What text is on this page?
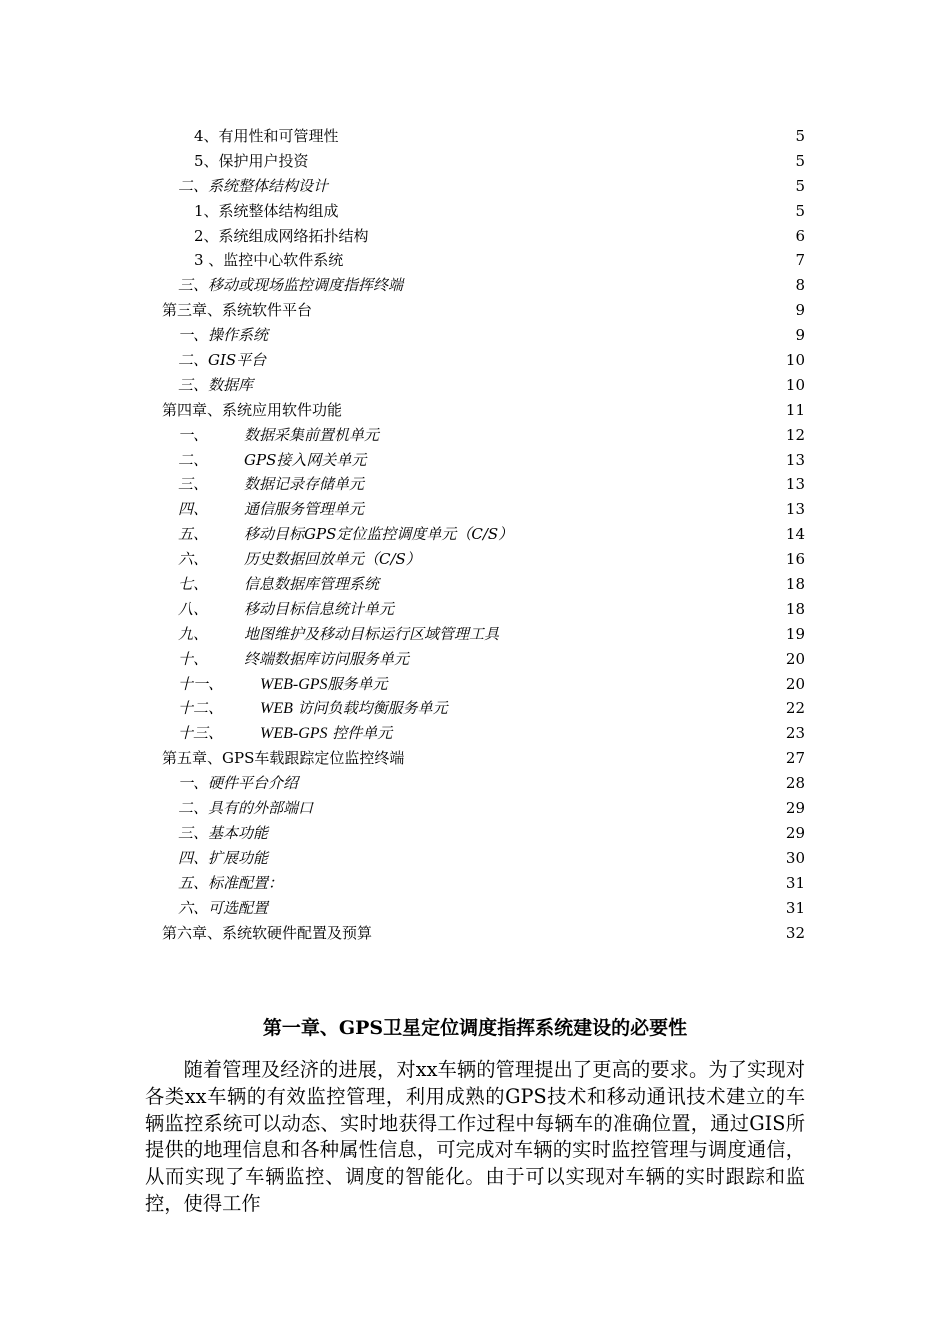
4、有用性和可管理性	5
5、保护用户投资	5
二、系统整体结构设计	5
1、系统整体结构组成	5
2、系统组成网络拓扑结构	6
3 、监控中心软件系统	7
三、移动或现场监控调度指挥终端	8
第三章、系统软件平台	9
一、操作系统	9
二、GIS平台	10
三、数据库	10
第四章、系统应用软件功能	11
一、 数据采集前置机单元	12
二、 GPS接入网关单元	13
三、 数据记录存储单元	13
四、 通信服务管理单元	13
五、 移动目标GPS定位监控调度单元（C/S）	14
六、 历史数据回放单元（C/S）	16
七、 信息数据库管理系统	18
八、 移动目标信息统计单元	18
九、 地图维护及移动目标运行区域管理工具	19
十、 终端数据库访问服务单元	20
十一、 WEB-GPS服务单元	20
十二、 WEB 访问负载均衡服务单元	22
十三、 WEB-GPS 控件单元	23
第五章、GPS车载跟踪定位监控终端	27
一、硬件平台介绍	28
二、具有的外部端口	29
三、基本功能	29
四、扩展功能	30
五、标准配置：	31
六、可选配置	31
第六章、系统软硬件配置及预算	32
第一章、GPS卫星定位调度指挥系统建设的必要性

随着管理及经济的进展，对xx车辆的管理提出了更高的要求。为了实现对各类xx车辆的有效监控管理，利用成熟的GPS技术和移动通讯技术建立的车辆监控系统可以动态、实时地获得工作过程中每辆车的准确位置，通过GIS所提供的地理信息和各种属性信息，可完成对车辆的实时监控管理与调度通信，从而实现了车辆监控、调度的智能化。由于可以实现对车辆的实时跟踪和监控，使得工作
